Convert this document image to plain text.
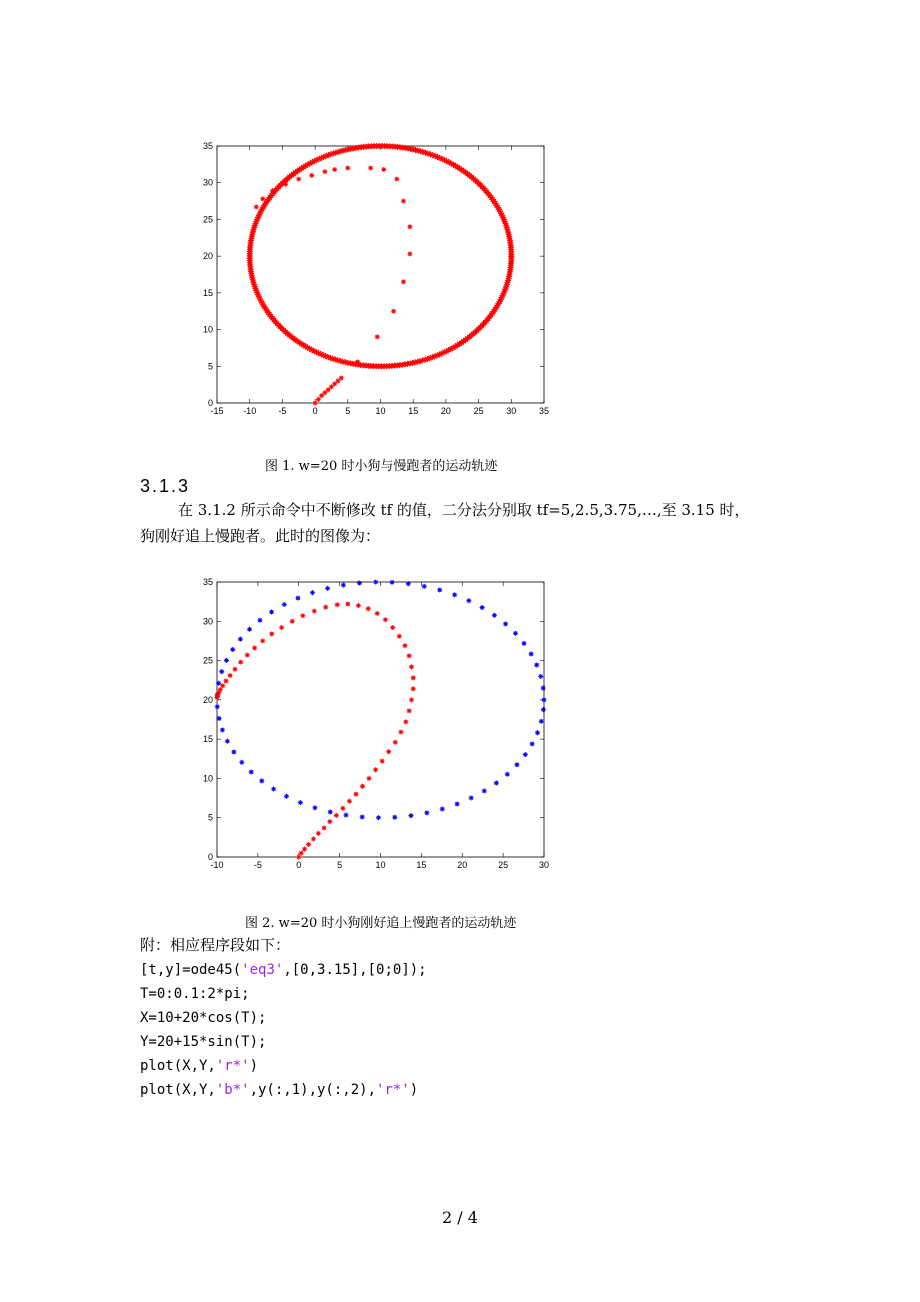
-15 -10 -5	0	5	10	15	20	25	30	35
0
5
10
15
20
25
30
35
图 1. w=20 时小狗与慢跑者的运动轨迹
3.1.3
在 3.1.2 所示命令中不断修改 tf 的值，二分法分别取 tf=5,2.5,3.75,…,至 3.15 时，
狗刚好追上慢跑者。此时的图像为：
-10	-5	0	5	10	15	20	25	30
0
5
10
15
20
25
30
35
图 2. w=20 时小狗刚好追上慢跑者的运动轨迹
附：相应程序段如下：
[t,y]=ode45('eq3',[0,3.15],[0;0]);
T=0:0.1:2*pi;
X=10+20*cos(T);
Y=20+15*sin(T);
plot(X,Y,'r*')
plot(X,Y,'b*',y(:,1),y(:,2),'r*')
2 / 4
